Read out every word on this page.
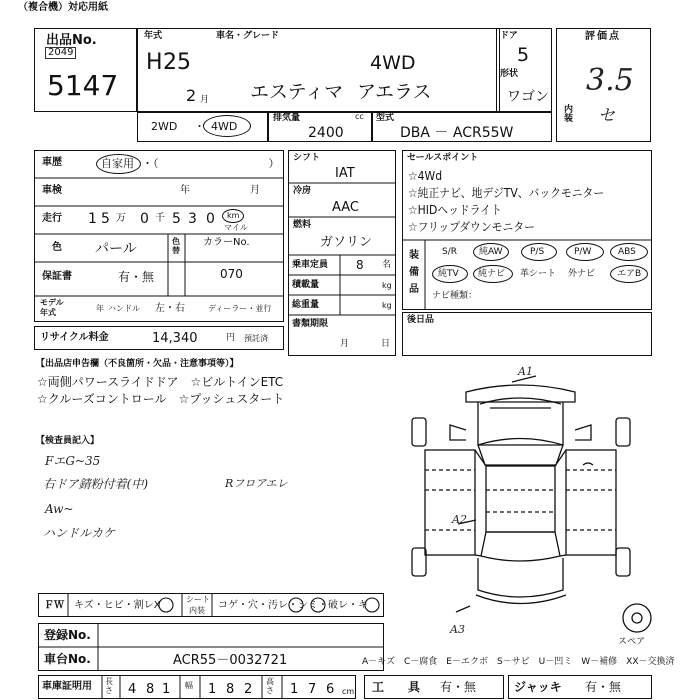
（複合機）対応用紙
出品No.
2049
5147
年式
H 25
2 月
車名・グレード
4WD
エスティマ アエラス
ドア
5
形状
ワゴン
評価点
3.5
内装 セ
2WD ・ 4WD
排気量	cc
2400
型式
DBA － ACR55W
車歴	自家用 ・（　　　　　　　　　　）
車検	年	月
走行 1 5 万 0 千 5 3 0 km
マイル
色 パール	色替
カラーNo.
070
保証書	有・無
モデル
年式	年 ハンドル 左・右	ディーラー・並行
リサイクル料金	14,340	円 預託済
シフト
IAT
冷房
AAC
燃料
ガソリン
乗車定員 8 名
積載量	kg
総重量	kg
書類期限
月	日
セールスポイント
☆4Wd
☆純正ナビ、地デジTV、バックモニター
☆HIDヘッドライト
☆フリップダウンモニター
装
備
品
S/R 純AW	P/S	P/W	ABS
純TV 純ナビ 革シート 外ナビ エアB
ナビ種類：
後日品
【出品店申告欄（不良箇所・欠品・注意事項等）】
☆両側パワースライドドア　☆ビルトインETC
☆クルーズコントロール　☆プッシュスタート
【検査員記入】
FエG~35
右ドア錆粉付着(中)	Rフロアエレ
Aw~
ハンドルカケ
A1
A2
A3
スペア
ＦＷ キズ・ヒビ・割レX
シート
内装 コゲ・穴・汚レ・シミ・破レ・キ
登録No.
車台No.	ACR55－0032721	A－キズ　C－腐食　E－エクボ　S－サビ　U－凹ミ　W－補修　XX－交換済
車庫証明用 長さ 4 8 1 幅 1 8 2
高さ 1 7 6 cm 工　　具 有・無	ジャッキ 有・無
